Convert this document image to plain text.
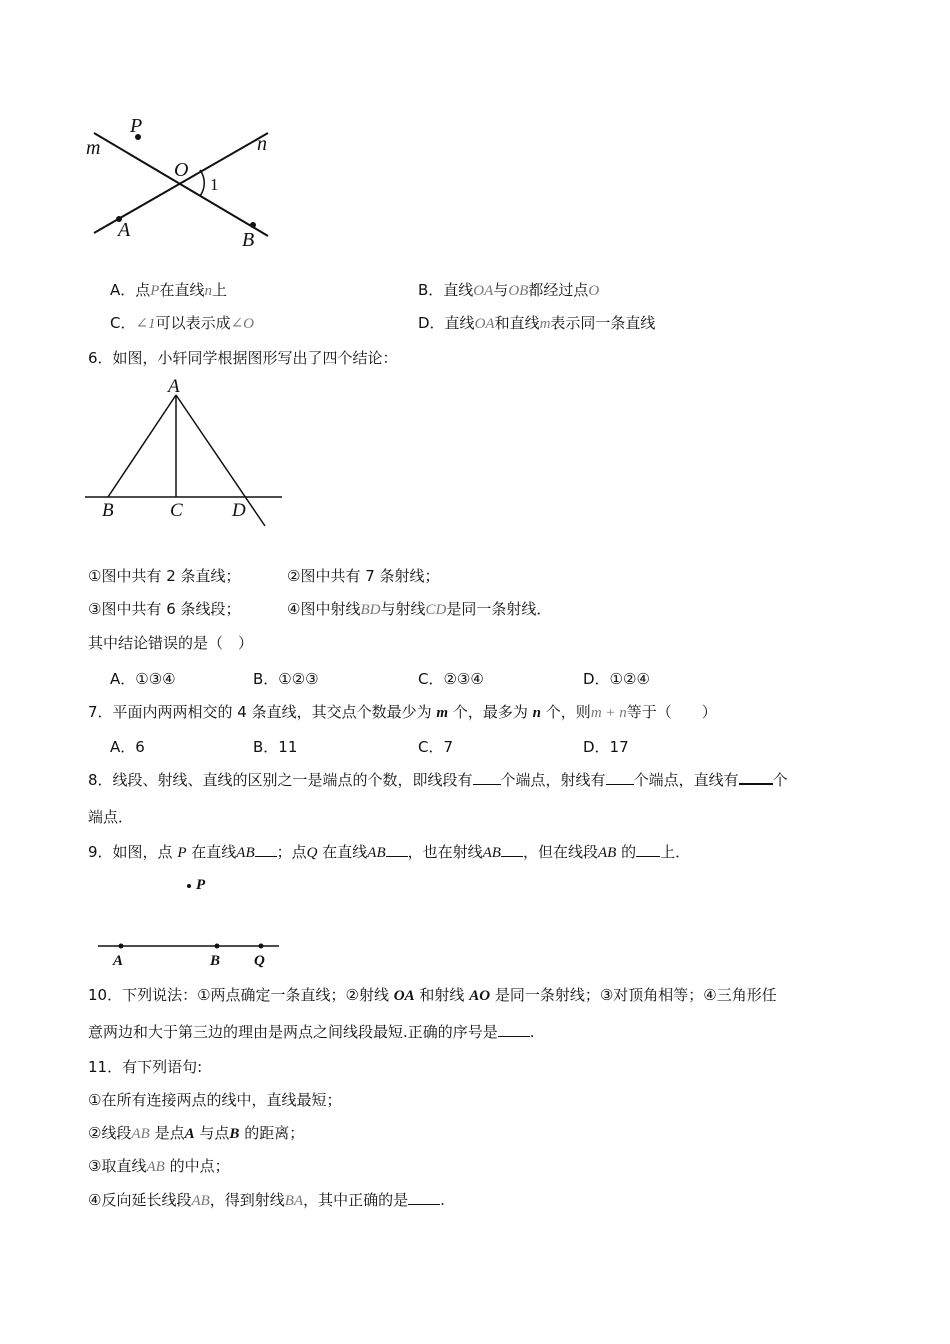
m	n
P
O
1
A	B
A．点P在直线n上	B．直线OA与OB都经过点O
C．∠1可以表示成∠O	D．直线OA和直线m表示同一条直线
6．如图，小轩同学根据图形写出了四个结论：
A
B	C	D
①图中共有 2 条直线；	②图中共有 7 条射线；
③图中共有 6 条线段；	④图中射线BD与射线CD是同一条射线．
其中结论错误的是（　）
A．①③④	B．①②③	C．②③④	D．①②④
7．平面内两两相交的 4 条直线，其交点个数最少为 m 个，最多为 n 个，则m + n等于（　　）
A．6	B．11	C．7	D．17
8．线段、射线、直线的区别之一是端点的个数，即线段有 个端点，射线有 个端点，直线有 个
端点．
9．如图，点 P 在直线AB ；点Q 在直线AB ，也在射线AB ，但在线段AB 的 上．
P
A	B Q
10．下列说法：①两点确定一条直线；②射线 OA 和射线 AO 是同一条射线；③对顶角相等；④三角形任
意两边和大于第三边的理由是两点之间线段最短.正确的序号是 .
11．有下列语句:
①在所有连接两点的线中，直线最短；
②线段AB 是点A 与点B 的距离；
③取直线AB 的中点；
④反向延长线段AB，得到射线BA，其中正确的是 .
